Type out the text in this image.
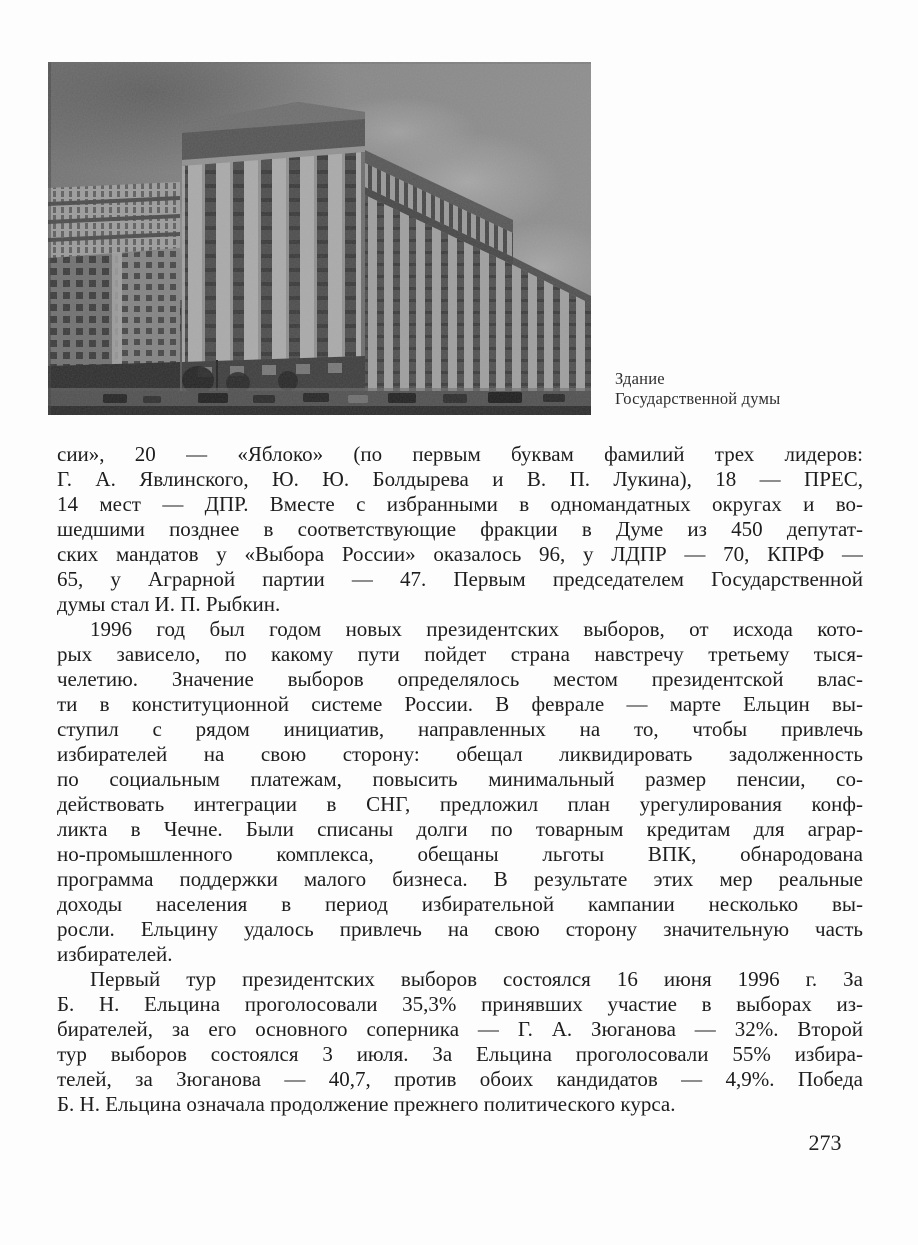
Здание
Государственной думы
сии», 20 — «Яблоко» (по первым буквам фамилий трех лидеров:
Г. А. Явлинского, Ю. Ю. Болдырева и В. П. Лукина), 18 — ПРЕС,
14 мест — ДПР. Вместе с избранными в одномандатных округах и во-
шедшими позднее в соответствующие фракции в Думе из 450 депутат-
ских мандатов у «Выбора России» оказалось 96, у ЛДПР — 70, КПРФ —
65, у Аграрной партии — 47. Первым председателем Государственной
думы стал И. П. Рыбкин.
1996 год был годом новых президентских выборов, от исхода кото-
рых зависело, по какому пути пойдет страна навстречу третьему тыся-
челетию. Значение выборов определялось местом президентской влас-
ти в конституционной системе России. В феврале — марте Ельцин вы-
ступил с рядом инициатив, направленных на то, чтобы привлечь
избирателей на свою сторону: обещал ликвидировать задолженность
по социальным платежам, повысить минимальный размер пенсии, со-
действовать интеграции в СНГ, предложил план урегулирования конф-
ликта в Чечне. Были списаны долги по товарным кредитам для аграр-
но-промышленного комплекса, обещаны льготы ВПК, обнародована
программа поддержки малого бизнеса. В результате этих мер реальные
доходы населения в период избирательной кампании несколько вы-
росли. Ельцину удалось привлечь на свою сторону значительную часть
избирателей.
Первый тур президентских выборов состоялся 16 июня 1996 г. За
Б. Н. Ельцина проголосовали 35,3% принявших участие в выборах из-
бирателей, за его основного соперника — Г. А. Зюганова — 32%. Второй
тур выборов состоялся 3 июля. За Ельцина проголосовали 55% избира-
телей, за Зюганова — 40,7, против обоих кандидатов — 4,9%. Победа
Б. Н. Ельцина означала продолжение прежнего политического курса.
273
